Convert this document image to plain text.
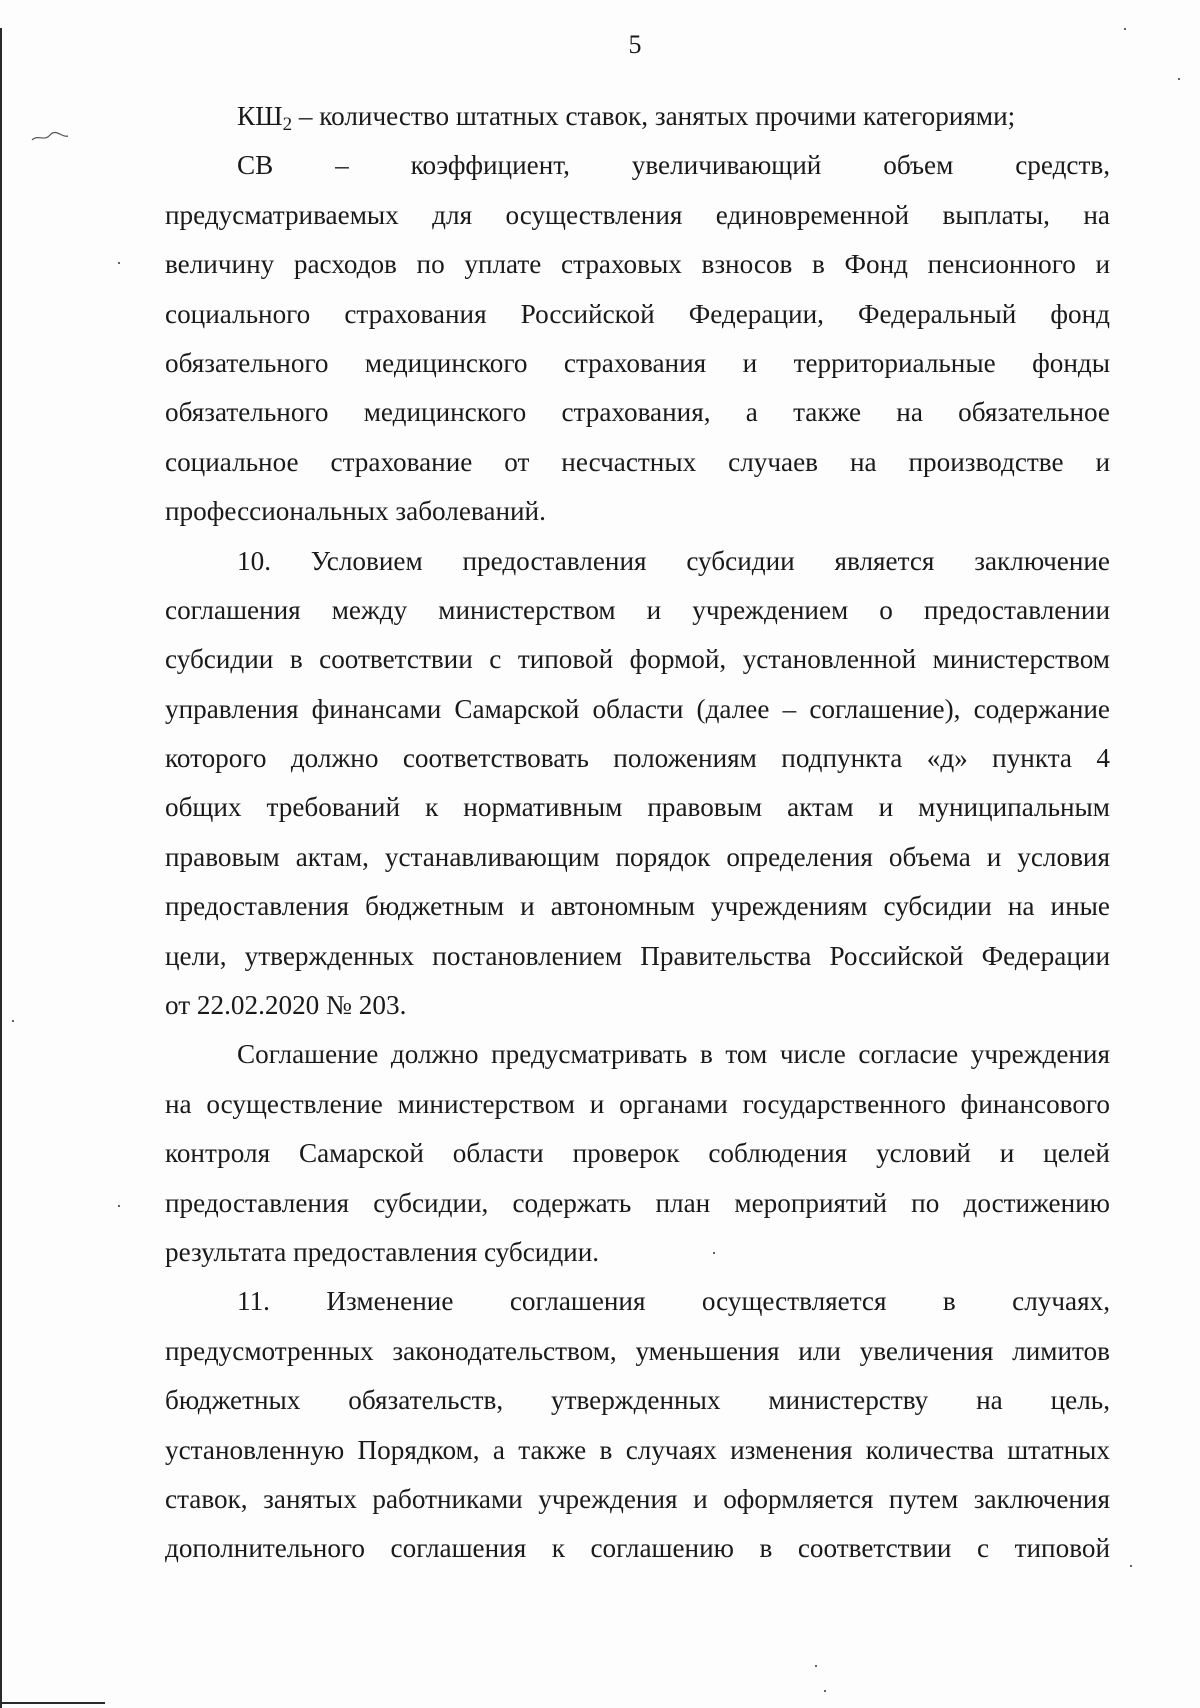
5
$КШ_2$ – количество штатных ставок, занятых прочими категориями;
СВ – коэффициент, увеличивающий объем средств,
предусматриваемых для осуществления единовременной выплаты, на
величину расходов по уплате страховых взносов в Фонд пенсионного и
социального страхования Российской Федерации, Федеральный фонд
обязательного медицинского страхования и территориальные фонды
обязательного медицинского страхования, а также на обязательное
социальное страхование от несчастных случаев на производстве и
профессиональных заболеваний.
10. Условием предоставления субсидии является заключение
соглашения между министерством и учреждением о предоставлении
субсидии в соответствии с типовой формой, установленной министерством
управления финансами Самарской области (далее – соглашение), содержание
которого должно соответствовать положениям подпункта «д» пункта 4
общих требований к нормативным правовым актам и муниципальным
правовым актам, устанавливающим порядок определения объема и условия
предоставления бюджетным и автономным учреждениям субсидии на иные
цели, утвержденных постановлением Правительства Российской Федерации
от 22.02.2020 № 203.
Соглашение должно предусматривать в том числе согласие учреждения
на осуществление министерством и органами государственного финансового
контроля Самарской области проверок соблюдения условий и целей
предоставления субсидии, содержать план мероприятий по достижению
результата предоставления субсидии.
11. Изменение соглашения осуществляется в случаях,
предусмотренных законодательством, уменьшения или увеличения лимитов
бюджетных обязательств, утвержденных министерству на цель,
установленную Порядком, а также в случаях изменения количества штатных
ставок, занятых работниками учреждения и оформляется путем заключения
дополнительного соглашения к соглашению в соответствии с типовой
